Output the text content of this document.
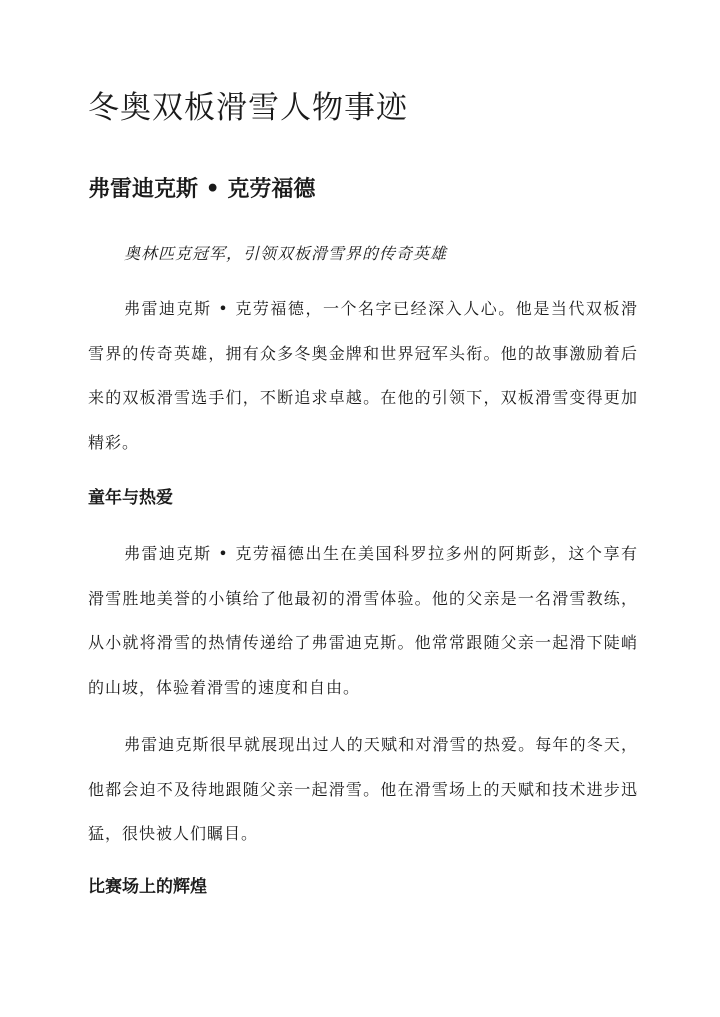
冬奥双板滑雪人物事迹
弗雷迪克斯 • 克劳福德

奥林匹克冠军，引领双板滑雪界的传奇英雄

弗雷迪克斯 • 克劳福德，一个名字已经深入人心。他是当代双板滑雪界的传奇英雄，拥有众多冬奥金牌和世界冠军头衔。他的故事激励着后来的双板滑雪选手们，不断追求卓越。在他的引领下，双板滑雪变得更加精彩。

童年与热爱

弗雷迪克斯 • 克劳福德出生在美国科罗拉多州的阿斯彭，这个享有滑雪胜地美誉的小镇给了他最初的滑雪体验。他的父亲是一名滑雪教练，从小就将滑雪的热情传递给了弗雷迪克斯。他常常跟随父亲一起滑下陡峭的山坡，体验着滑雪的速度和自由。

弗雷迪克斯很早就展现出过人的天赋和对滑雪的热爱。每年的冬天，他都会迫不及待地跟随父亲一起滑雪。他在滑雪场上的天赋和技术进步迅猛，很快被人们瞩目。

比赛场上的辉煌
